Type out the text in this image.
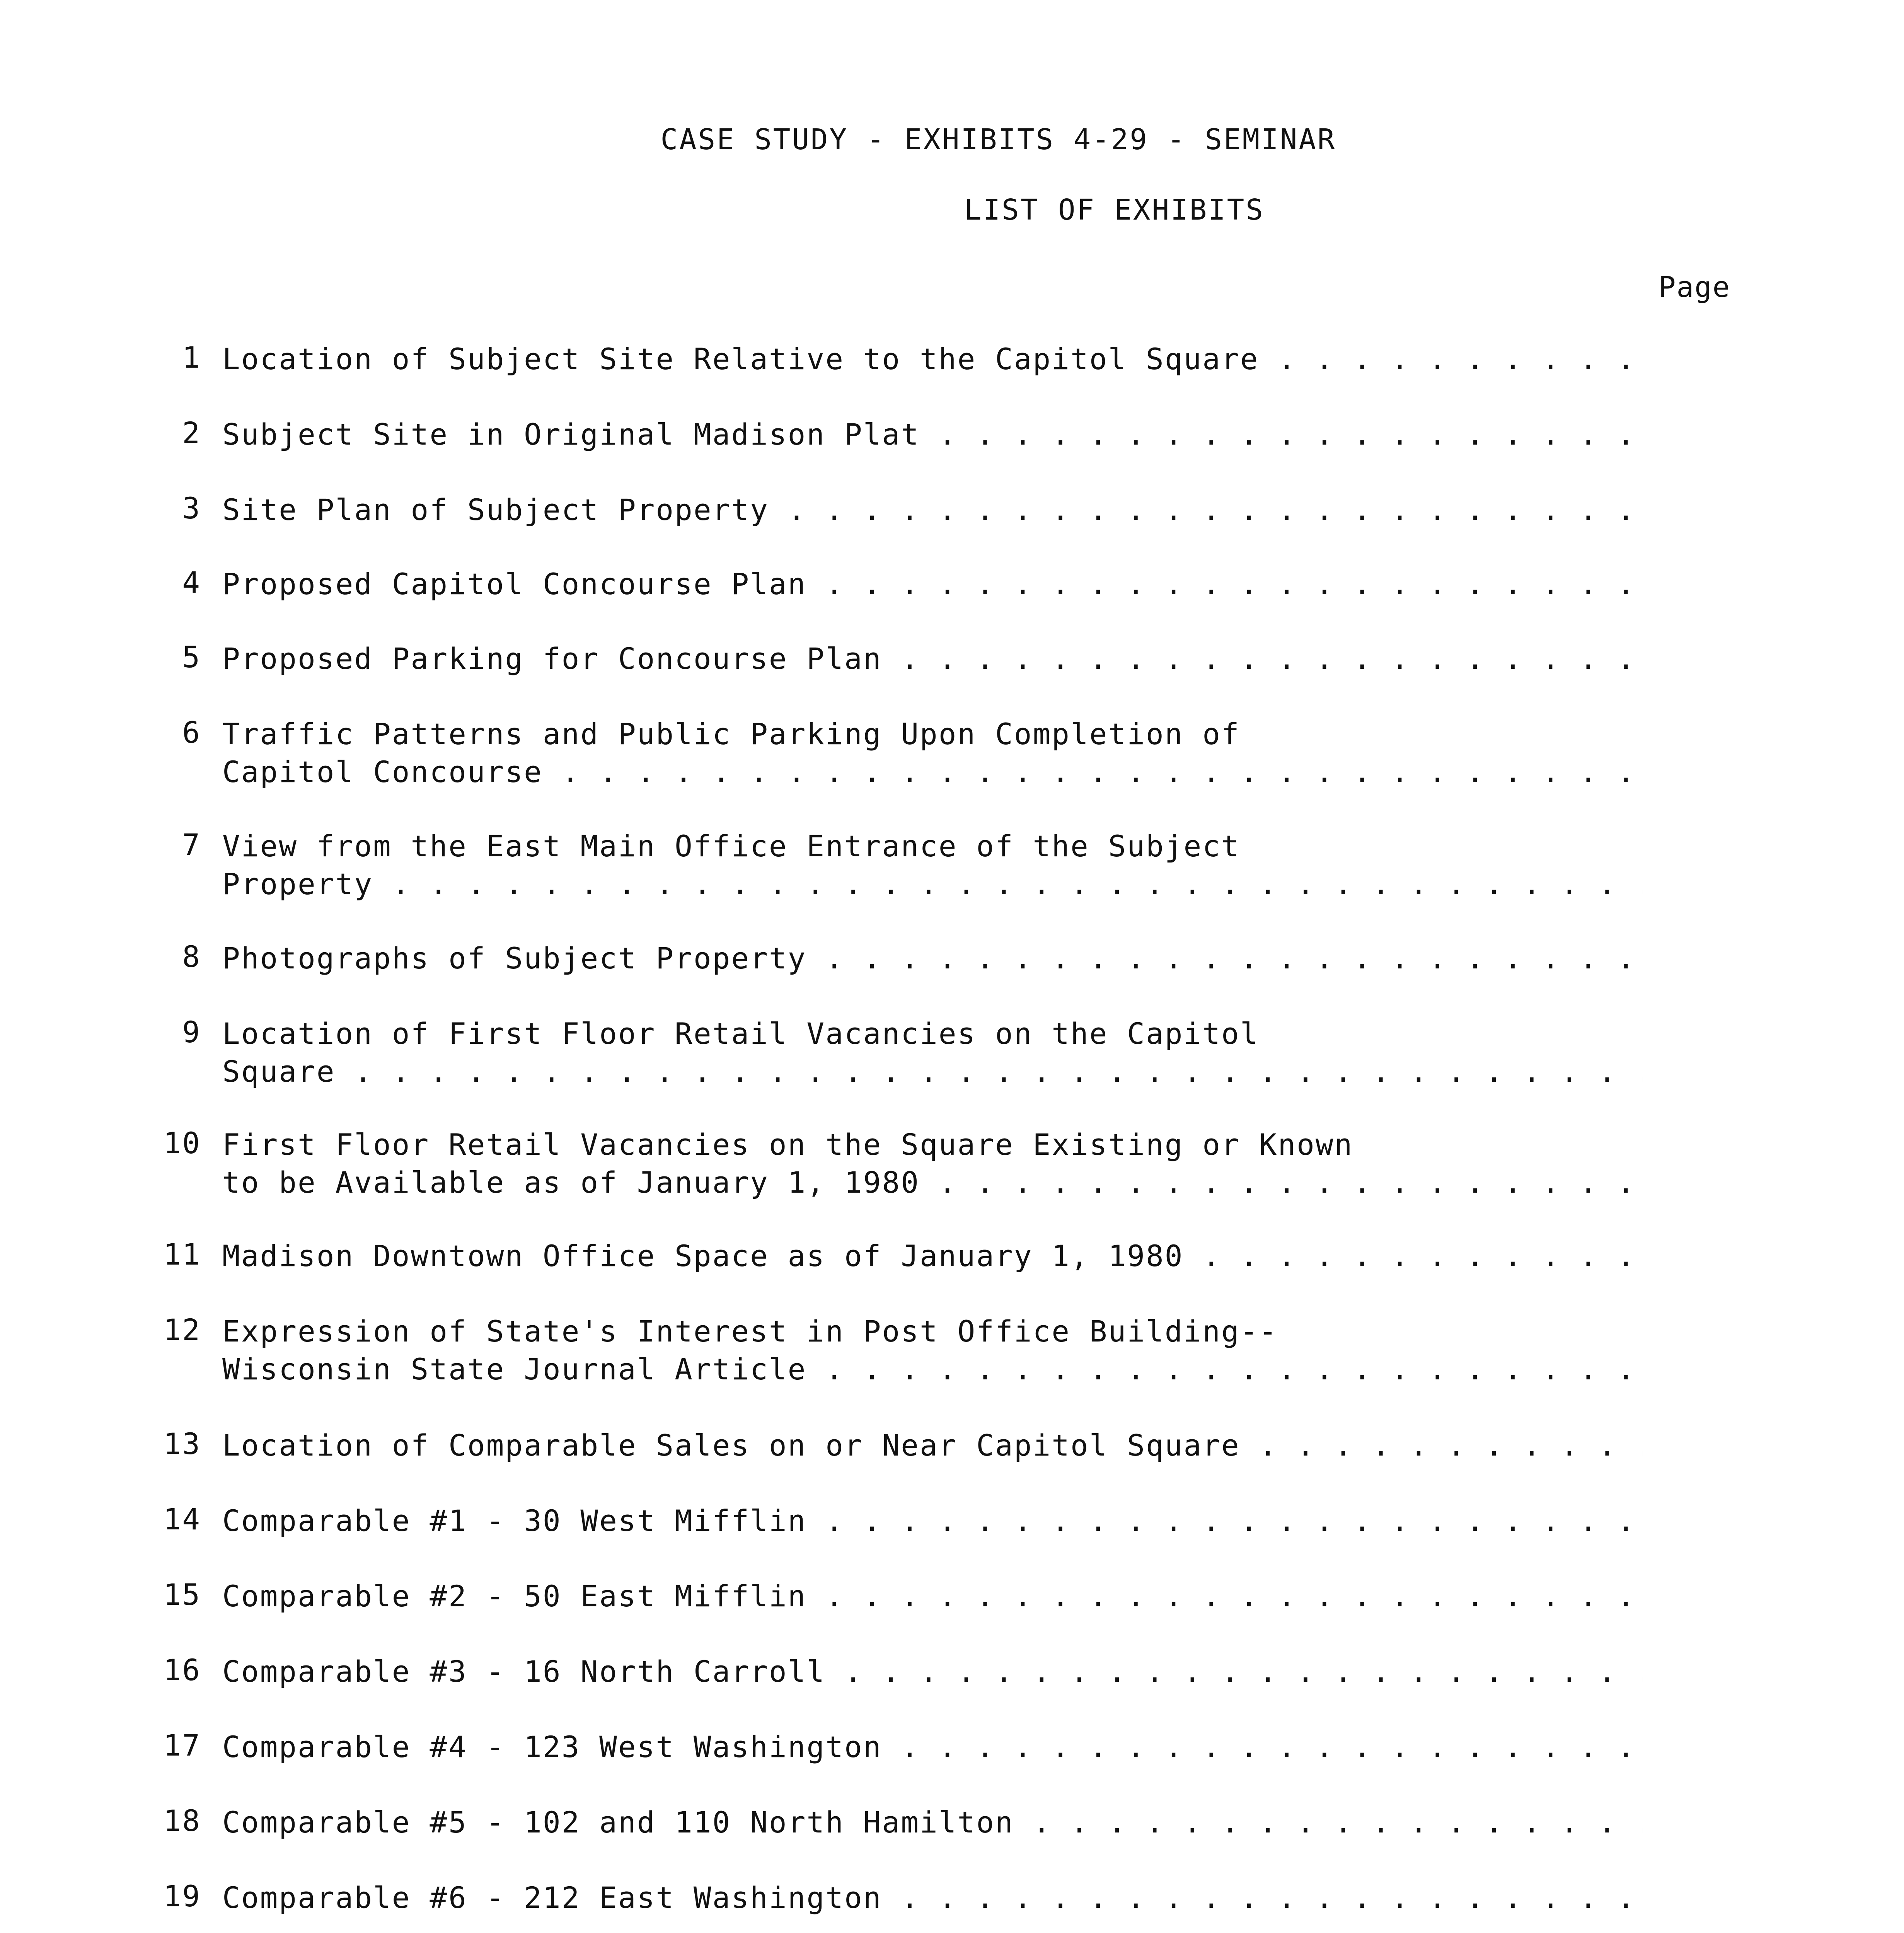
CASE STUDY - EXHIBITS 4-29 - SEMINAR
LIST OF EXHIBITS
Page
1 Location of Subject Site Relative to the Capitol Square . . .
2 Subject Site in Original Madison Plat . . .
3 Site Plan of Subject Property . . .
4 Proposed Capitol Concourse Plan . . .
5 Proposed Parking for Concourse Plan . . .
6 Traffic Patterns and Public Parking Upon Completion of
Capitol Concourse . . .
7 View from the East Main Office Entrance of the Subject
Property . . .
8 Photographs of Subject Property . . .
9 Location of First Floor Retail Vacancies on the Capitol
Square . . .
10 First Floor Retail Vacancies on the Square Existing or Known
to be Available as of January 1, 1980 . . .
11 Madison Downtown Office Space as of January 1, 1980 . . .
12 Expression of State's Interest in Post Office Building--
Wisconsin State Journal Article . . .
13 Location of Comparable Sales on or Near Capitol Square . . .
14 Comparable #1 - 30 West Mifflin . . .
15 Comparable #2 - 50 East Mifflin . . .
16 Comparable #3 - 16 North Carroll . . .
17 Comparable #4 - 123 West Washington . . .
18 Comparable #5 - 102 and 110 North Hamilton . . .
19 Comparable #6 - 212 East Washington . . .
